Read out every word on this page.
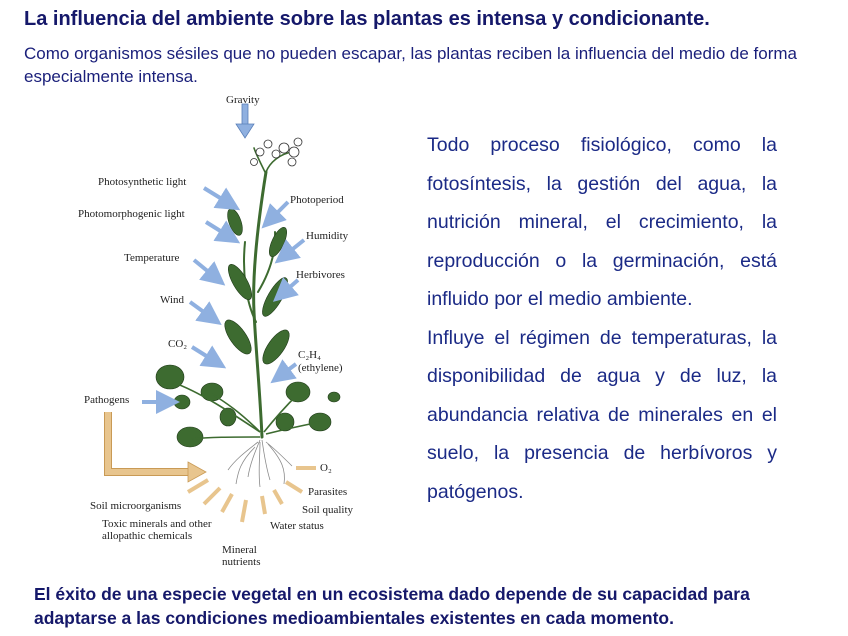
La influencia del ambiente sobre las plantas es intensa y condicionante.
Como organismos sésiles que no pueden escapar, las plantas reciben la influencia del medio de forma especialmente intensa.
Gravity
Photosynthetic light
Photomorphogenic light
Temperature
Wind
CO₂
Pathogens
Photoperiod
Humidity
Herbivores
C₂H₄
(ethylene)
O₂
Parasites
Soil quality
Water status
Soil microorganisms
Toxic minerals and other
allopathic chemicals
Mineral
nutrients

Todo proceso fisiológico, como la fotosíntesis, la gestión del agua, la nutrición mineral, el crecimiento, la reproducción o la germinación, está influido por el medio ambiente.

Influye el régimen de temperaturas, la disponibilidad de agua y de luz, la abundancia relativa de minerales en el suelo, la presencia de herbívoros y patógenos.

El éxito de una especie vegetal en un ecosistema dado depende de su capacidad para adaptarse a las condiciones medioambientales existentes en cada momento.
